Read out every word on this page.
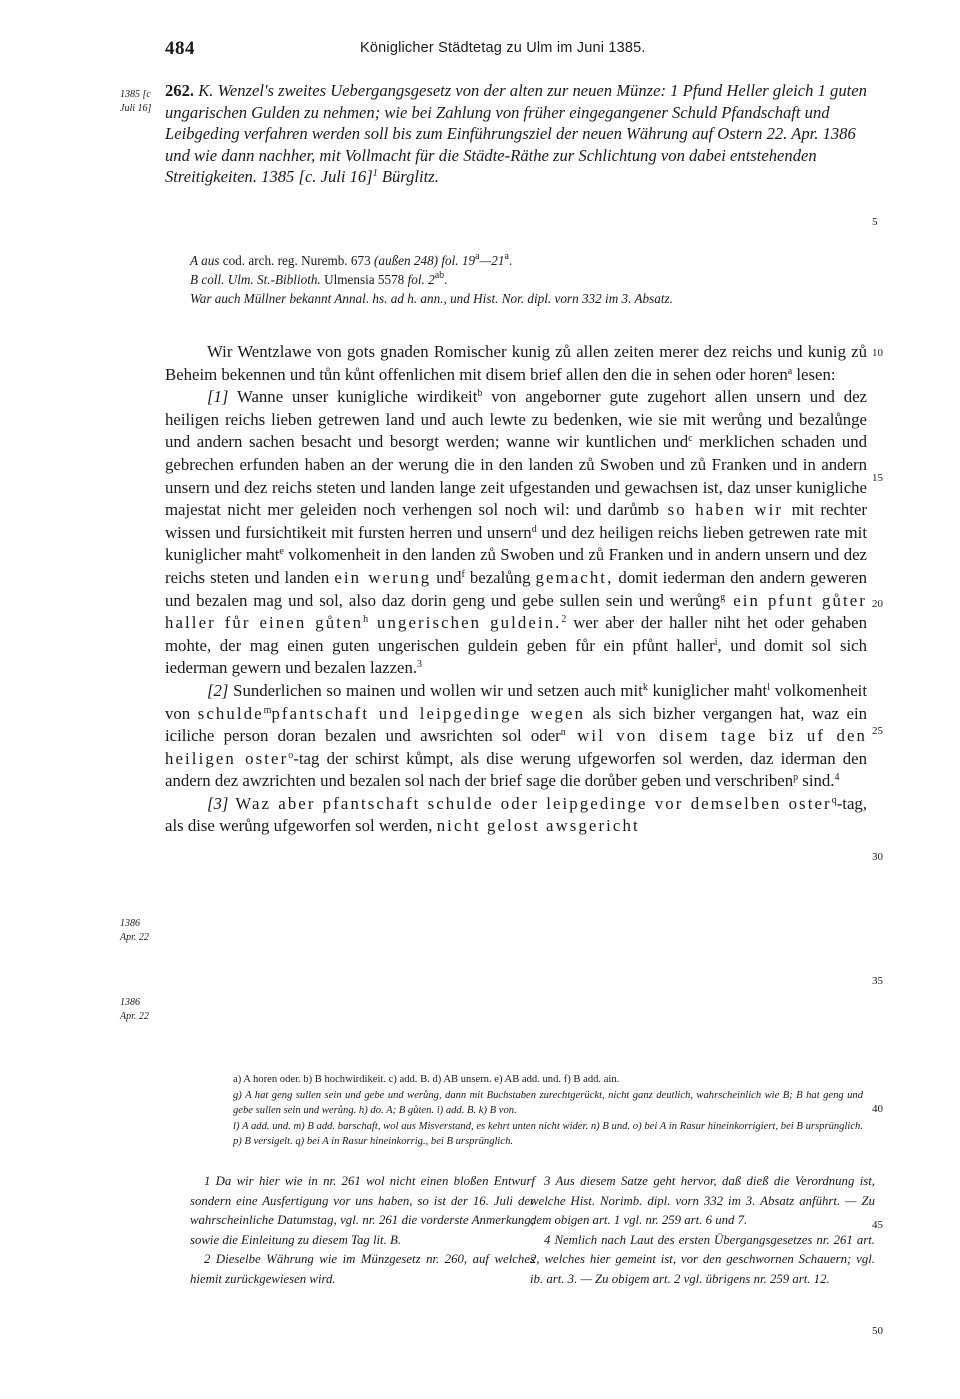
484	Königlicher Städtetag zu Ulm im Juni 1385.
1385 [c
Juli 16]
1386
Apr. 22
1386
Apr. 22
5
10
15
20
25
30
35
40
45
50
262. K. Wenzel's zweites Uebergangsgesetz von der alten zur neuen Münze: 1 Pfund Heller gleich 1 guten ungarischen Gulden zu nehmen; wie bei Zahlung von früher eingegangener Schuld Pfandschaft und Leibgeding verfahren werden soll bis zum Einführungsziel der neuen Währung auf Ostern 22. Apr. 1386 und wie dann nachher, mit Vollmacht für die Städte-Räthe zur Schlichtung von dabei entstehenden Streitigkeiten. 1385 [c. Juli 16]$^1$ Bürglitz.

A aus cod. arch. reg. Nuremb. 673 (außen 248) fol. 19$^a$—21$^a$.

B coll. Ulm. St.-Biblioth. Ulmensia 5578 fol. $2^{ab}$.

War auch Müllner bekannt Annal. hs. ad h. ann., und Hist. Nor. dipl. vorn 332 im 3. Absatz.

Wir Wentzlawe von gots gnaden Romischer kunig zů allen zeiten merer dez reichs und kunig zů Beheim bekennen und tůn kůnt offenlichen mit disem brief allen den die in sehen oder horen$^a$ lesen:

[1] Wanne unser kunigliche wirdikeit$^b$ von angeborner gute zugehort allen unsern und dez heiligen reichs lieben getrewen land und auch lewte zu bedenken, wie sie mit werůng und bezalůnge und andern sachen besacht und besorgt werden; wanne wir kuntlichen und$^c$ merklichen schaden und gebrechen erfunden haben an der werung die in den landen zů Swoben und zů Franken und in andern unsern und dez reichs steten und landen lange zeit ufgestanden und gewachsen ist, daz unser kunigliche majestat nicht mer geleiden noch verhengen sol noch wil: und darůmb so haben wir mit rechter wissen und fursichtikeit mit fursten herren und unsern$^d$ und dez heiligen reichs lieben getrewen rate mit kuniglicher maht$^e$ volkomenheit in den landen zů Swoben und zů Franken und in andern unsern und dez reichs steten und landen ein werung und$^f$ bezalůng gemacht, domit iederman den andern geweren und bezalen mag und sol, also daz dorin geng und gebe sullen sein und werůng$^g$ ein pfunt gůter haller fůr einen gůten$^h$ ungerischen guldein.$^2$ wer aber der haller niht het oder gehaben mohte, der mag einen guten ungerischen guldein geben fůr ein pfůnt haller$^i$, und domit sol sich iederman gewern und bezalen lazzen.$^3$

[2] Sunderlichen so mainen und wollen wir und setzen auch mit$^k$ kuniglicher maht$^l$ volkomenheit von schulde$^m$pfantschaft und leipgedinge wegen als sich bizher vergangen hat, waz ein iciliche person doran bezalen und awsrichten sol oder$^n$ wil von disem tage biz uf den heiligen oster$^o$-tag der schirst kůmpt, als dise werung ufgeworfen sol werden, daz iderman den andern dez awzrichten und bezalen sol nach der brief sage die dorůber geben und verschriben$^p$ sind.$^4$

[3] Waz aber pfantschaft schulde oder leipgedinge vor demselben oster$^q$-tag, als dise werůng ufgeworfen sol werden, nicht gelost awsgericht

a) A horen oder. b) B hochwirdikeit. c) add. B. d) AB unsern. e) AB add. und. f) B add. ain.

g) A hat geng sullen sein und gebe und werůng, dann mit Buchstaben zurechtgerückt, nicht ganz deutlich, wahrscheinlich wie B; B hat geng und gebe sullen sein und werůng. h) do. A; B gůten. i) add. B. k) B von.

l) A add. und. m) B add. barschaft, wol aus Misverstand, es kehrt unten nicht wider. n) B und. o) bei A in Rasur hineinkorrigiert, bei B ursprünglich. p) B versigelt. q) bei A in Rasur hineinkorrig., bei B ursprünglich.

1 Da wir hier wie in nr. 261 wol nicht einen bloßen Entwurf sondern eine Ausfertigung vor uns haben, so ist der 16. Juli der wahrscheinliche Datumstag, vgl. nr. 261 die vorderste Anmerkung; sowie die Einleitung zu diesem Tag lit. B.

2 Dieselbe Währung wie im Münzgesetz nr. 260, auf welches hiemit zurückgewiesen wird.

3 Aus diesem Satze geht hervor, daß dieß die Verordnung ist, welche Hist. Norimb. dipl. vorn 332 im 3. Absatz anführt. — Zu dem obigen art. 1 vgl. nr. 259 art. 6 und 7.

4 Nemlich nach Laut des ersten Übergangsgesetzes nr. 261 art. 2, welches hier gemeint ist, vor den geschwornen Schauern; vgl. ib. art. 3. — Zu obigem art. 2 vgl. übrigens nr. 259 art. 12.
